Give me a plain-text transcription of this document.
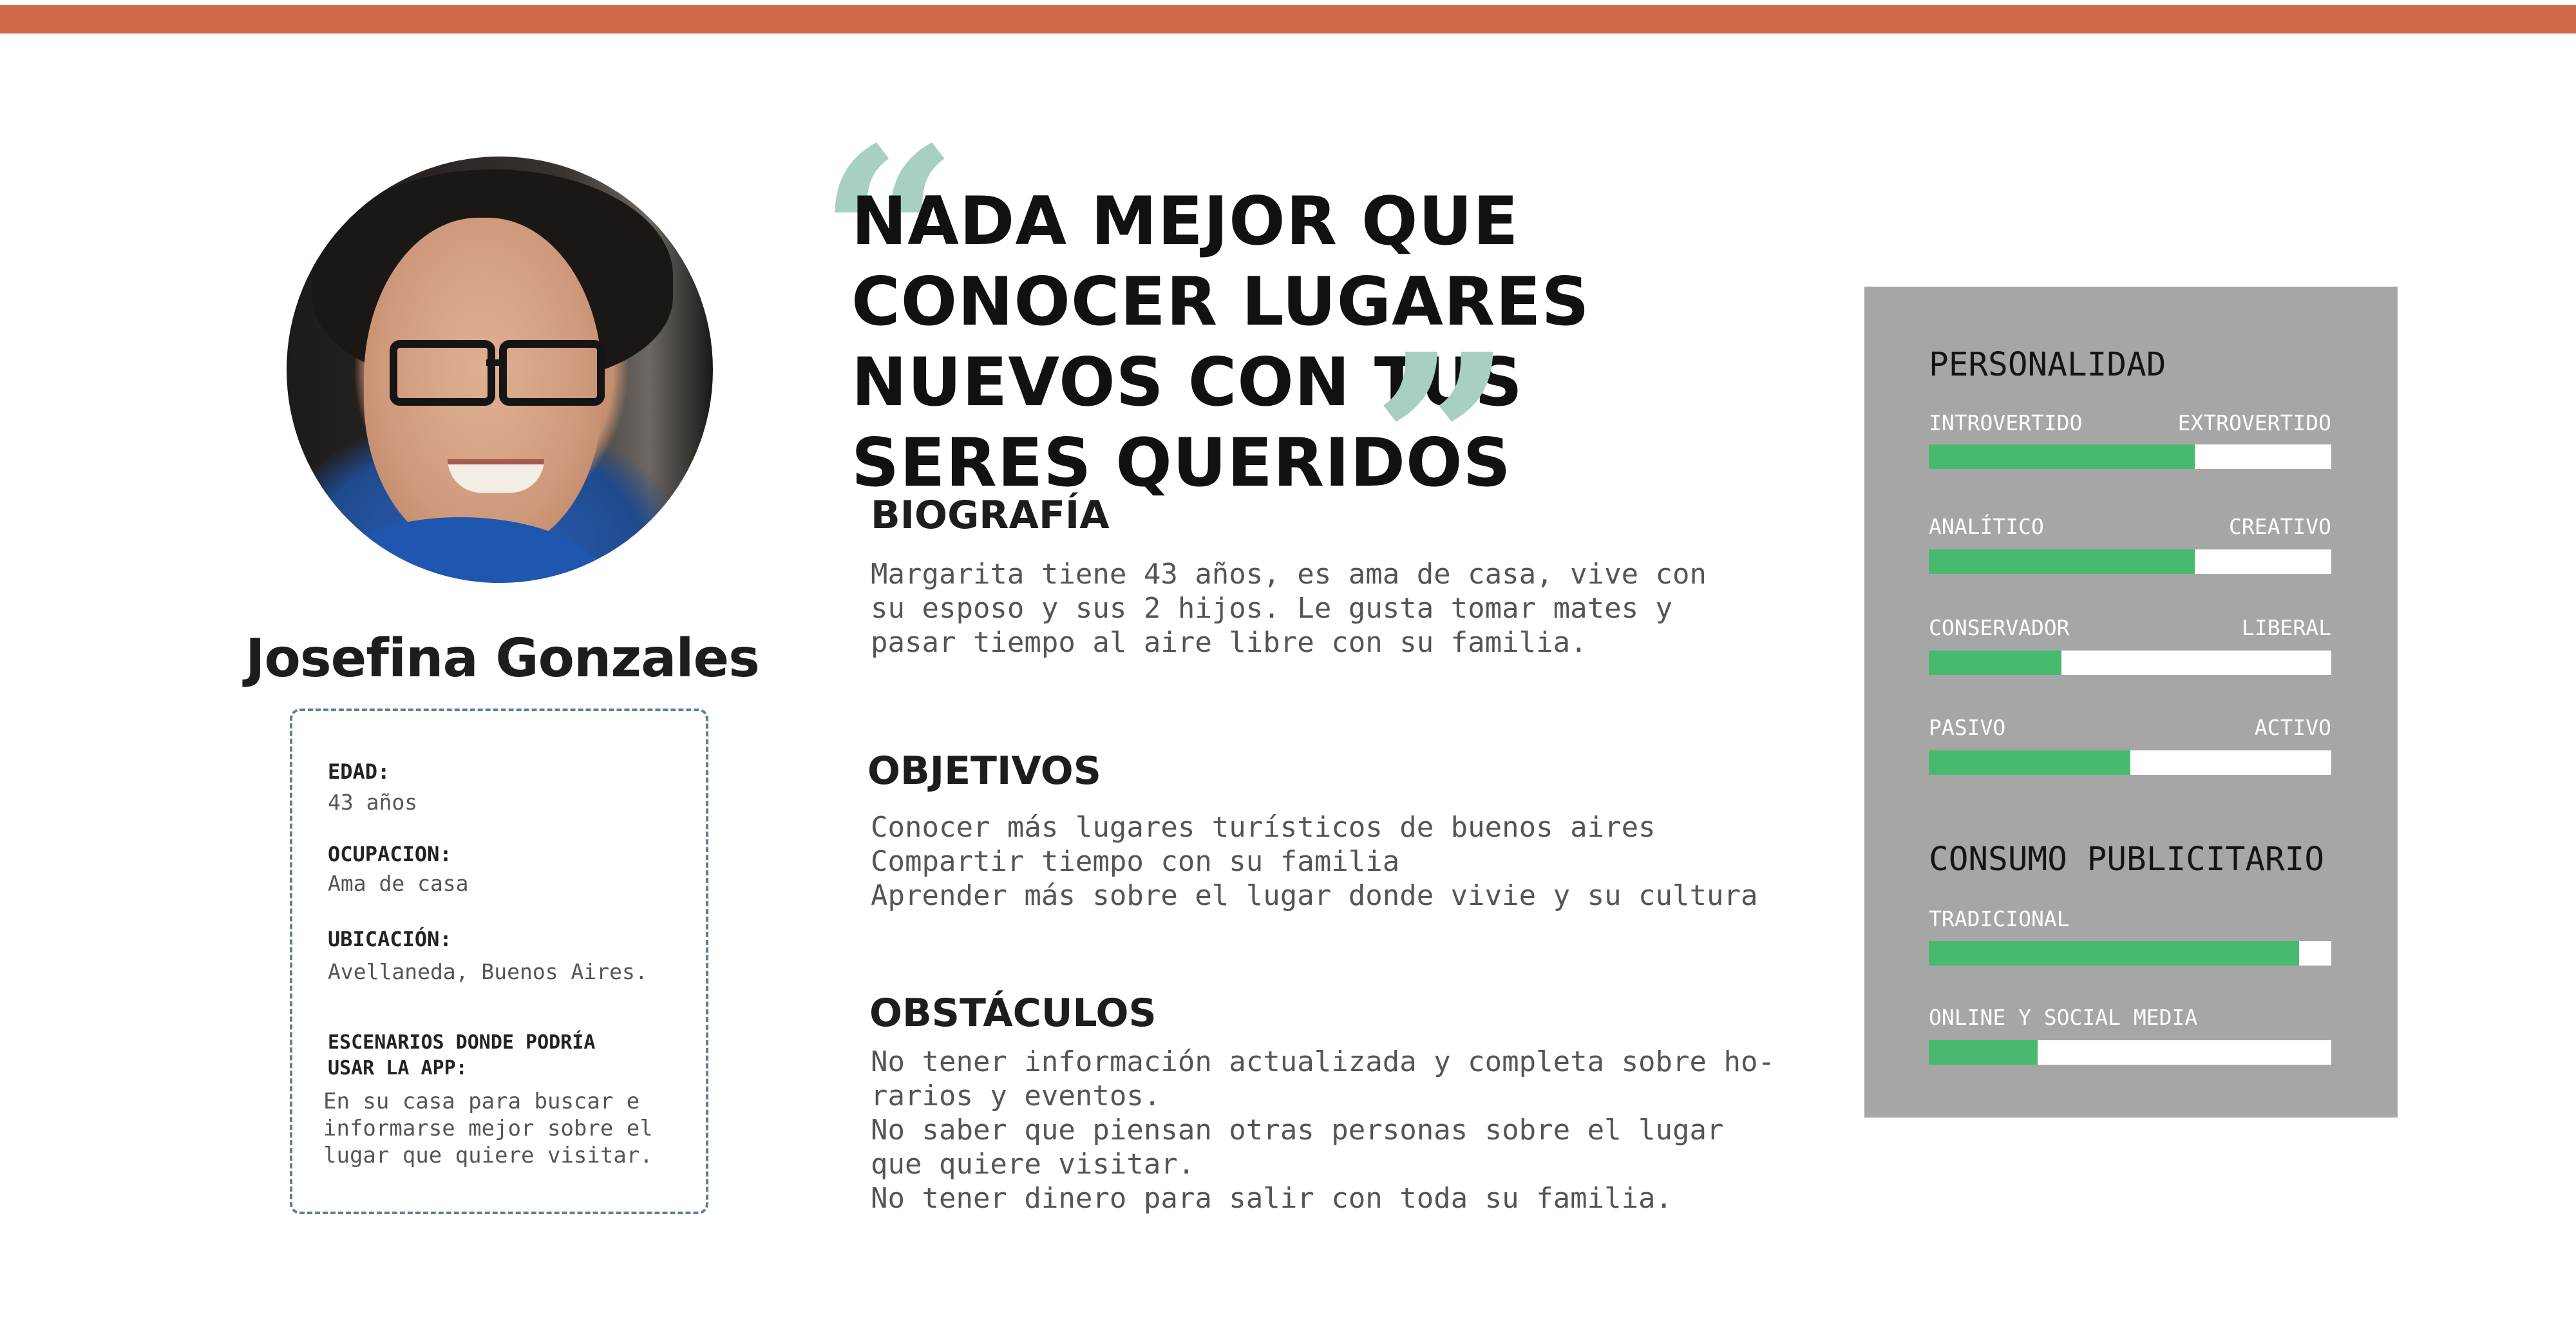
Josefina Gonzales
EDAD:
43 años
OCUPACION:
Ama de casa
UBICACIÓN:
Avellaneda, Buenos Aires.
ESCENARIOS DONDE PODRÍA
USAR LA APP:
En su casa para buscar e
informarse mejor sobre el
lugar que quiere visitar.
“
NADA MEJOR QUE CONOCER LUGARES NUEVOS CON TUS SERES QUERIDOS
”
BIOGRAFÍA
Margarita tiene 43 años, es ama de casa, vive con
su esposo y sus 2 hijos. Le gusta tomar mates y
pasar tiempo al aire libre con su familia.
OBJETIVOS
Conocer más lugares turísticos de buenos aires
Compartir tiempo con su familia
Aprender más sobre el lugar donde vivie y su cultura
OBSTÁCULOS
No tener información actualizada y completa sobre ho-
rarios y eventos.
No saber que piensan otras personas sobre el lugar
que quiere visitar.
No tener dinero para salir con toda su familia.
PERSONALIDAD
INTROVERTIDO	EXTROVERTIDO
ANALÍTICO	CREATIVO
CONSERVADOR	LIBERAL
PASIVO	ACTIVO
CONSUMO PUBLICITARIO
TRADICIONAL
ONLINE Y SOCIAL MEDIA
